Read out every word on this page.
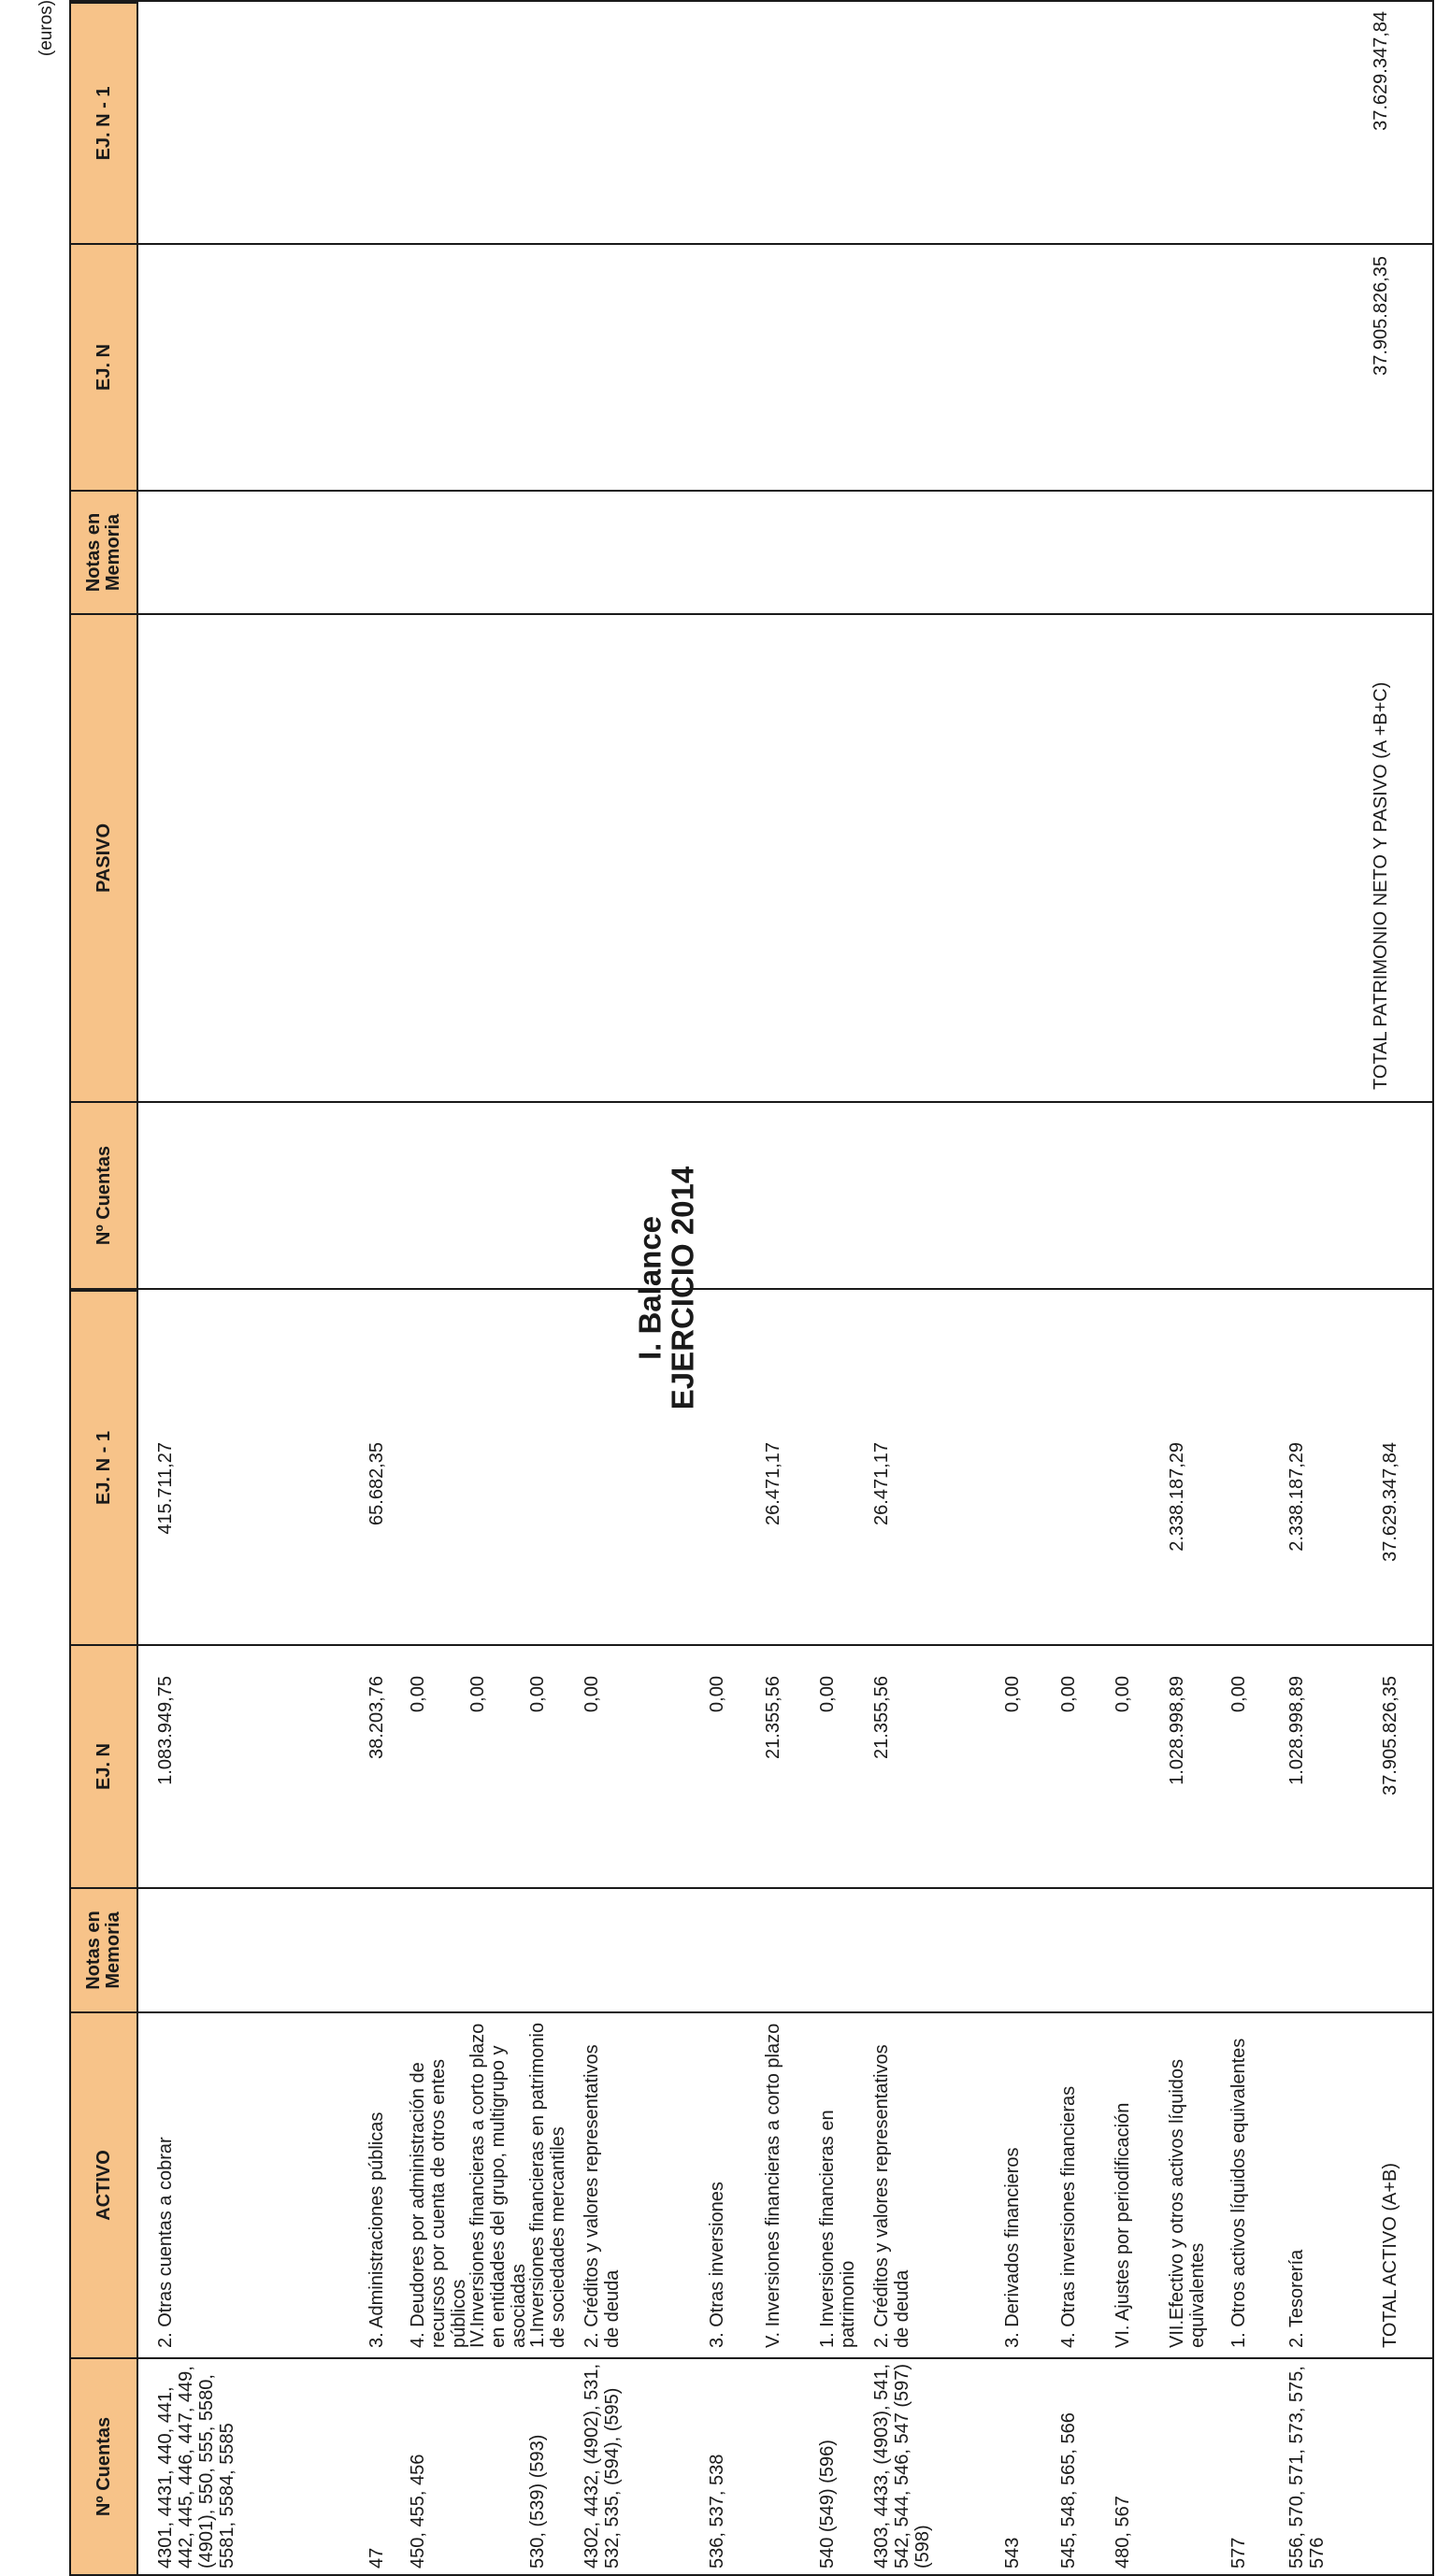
I. Balance
EJERCICIO 2014
(euros)
Nº Cuentas
ACTIVO
Notas en Memoria
EJ. N
EJ. N - 1
4301, 4431, 440, 441, 442, 445, 446, 447, 449, (4901), 550, 555, 5580, 5581, 5584, 5585
2. Otras cuentas a cobrar
1.083.949,75
415.711,27
47
3. Administraciones públicas
38.203,76
65.682,35
450, 455, 456
4. Deudores por administración de recursos por cuenta de otros entes públicos
0,00
IV.Inversiones financieras a corto plazo en entidades del grupo, multigrupo y asociadas
0,00
530, (539) (593)
1.Inversiones financieras en patrimonio de sociedades mercantiles
0,00
4302, 4432, (4902), 531, 532, 535, (594), (595)
2. Créditos y valores representativos de deuda
0,00
536, 537, 538
3. Otras inversiones
0,00
V. Inversiones financieras a corto plazo
21.355,56
26.471,17
540 (549) (596)
1. Inversiones financieras en patrimonio
0,00
4303, 4433, (4903), 541, 542, 544, 546, 547 (597) (598)
2. Créditos y valores representativos de deuda
21.355,56
26.471,17
543
3. Derivados financieros
0,00
545, 548, 565, 566
4. Otras inversiones financieras
0,00
480, 567
VI. Ajustes por periodificación
0,00
VII.Efectivo y otros activos líquidos equivalentes
1.028.998,89
2.338.187,29
577
1. Otros activos líquidos equivalentes
0,00
556, 570, 571, 573, 575, 576
2. Tesorería
1.028.998,89
2.338.187,29
TOTAL ACTIVO (A+B)
37.905.826,35
37.629.347,84
Nº Cuentas
PASIVO
Notas en Memoria
EJ. N
EJ. N - 1
TOTAL PATRIMONIO NETO Y PASIVO (A +B+C)
37.905.826,35
37.629.347,84
